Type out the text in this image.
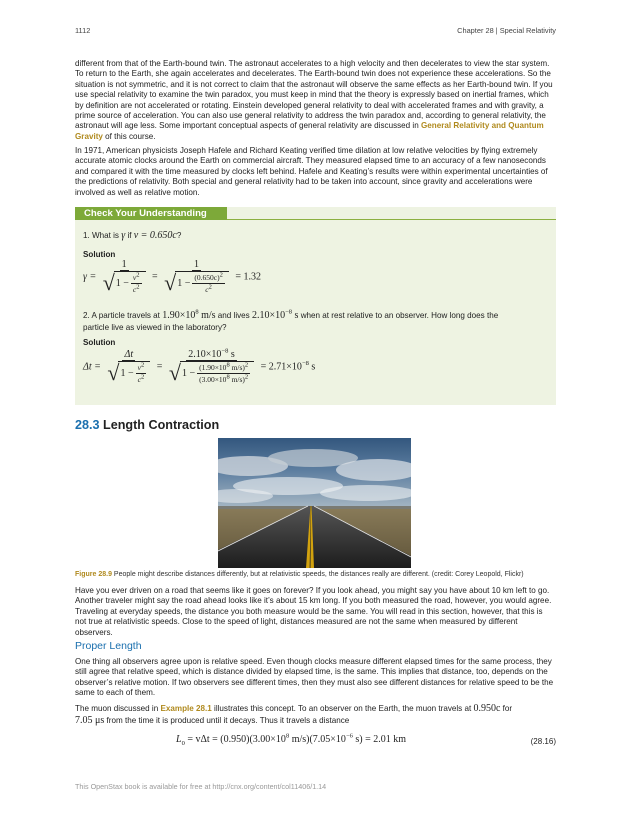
1112	Chapter 28 | Special Relativity
different from that of the Earth-bound twin. The astronaut accelerates to a high velocity and then decelerates to view the star system. To return to the Earth, she again accelerates and decelerates. The Earth-bound twin does not experience these accelerations. So the situation is not symmetric, and it is not correct to claim that the astronaut will observe the same effects as her Earth-bound twin. If you use special relativity to examine the twin paradox, you must keep in mind that the theory is expressly based on inertial frames, which by definition are not accelerated or rotating. Einstein developed general relativity to deal with accelerated frames and with gravity, a prime source of acceleration. You can also use general relativity to address the twin paradox and, according to general relativity, the astronaut will age less. Some important conceptual aspects of general relativity are discussed in General Relativity and Quantum Gravity of this course.
In 1971, American physicists Joseph Hafele and Richard Keating verified time dilation at low relative velocities by flying extremely accurate atomic clocks around the Earth on commercial aircraft. They measured elapsed time to an accuracy of a few nanoseconds and compared it with the time measured by clocks left behind. Hafele and Keating’s results were within experimental uncertainties of the predictions of relativity. Both special and general relativity had to be taken into account, since gravity and accelerations were involved as well as relative motion.
Check Your Understanding
1. What is γ if v = 0.650c?
Solution
$\gamma = \frac{1}{√ 1 - \frac{v^2}{c^2}} = \frac{1}{√ 1 - \frac{(0.650c)^2}{c^2}} = 1.32$
2. A particle travels at $1.90\times 10^8$ m/s and lives $2.10\times 10^{-8}$ s when at rest relative to an observer. How long does the
particle live as viewed in the laboratory?
Solution
$\Delta t = \frac{\Delta t}{√ 1 - \frac{v^2}{c^2}} = \frac{2.10\times 10^{-8} s}{√ 1 - \frac{(1.90\times 10^8 m/s)^2}{(3.00\times 10^8 m/s)^2}} = 2.71\times 10^{-8}$ s
28.3 Length Contraction
Figure 28.9 People might describe distances differently, but at relativistic speeds, the distances really are different. (credit: Corey Leopold, Flickr)
Have you ever driven on a road that seems like it goes on forever? If you look ahead, you might say you have about 10 km left to go. Another traveler might say the road ahead looks like it’s about 15 km long. If you both measured the road, however, you would agree. Traveling at everyday speeds, the distance you both measure would be the same. You will read in this section, however, that this is not true at relativistic speeds. Close to the speed of light, distances measured are not the same when measured by different observers.
Proper Length
One thing all observers agree upon is relative speed. Even though clocks measure different elapsed times for the same process, they still agree that relative speed, which is distance divided by elapsed time, is the same. This implies that distance, too, depends on the observer’s relative motion. If two observers see different times, then they must also see different distances for relative speed to be the same to each of them.
The muon discussed in Example 28.1 illustrates this concept. To an observer on the Earth, the muon travels at 0.950c for
7.05 μs from the time it is produced until it decays. Thus it travels a distance
$L_0 = v\Delta t = (0.950)(3.00\times 10^8$ $m/s)(7.05\times 10^{-6}$ s) = 2.01 km	(28.16)
This OpenStax book is available for free at http://cnx.org/content/col11406/1.14
